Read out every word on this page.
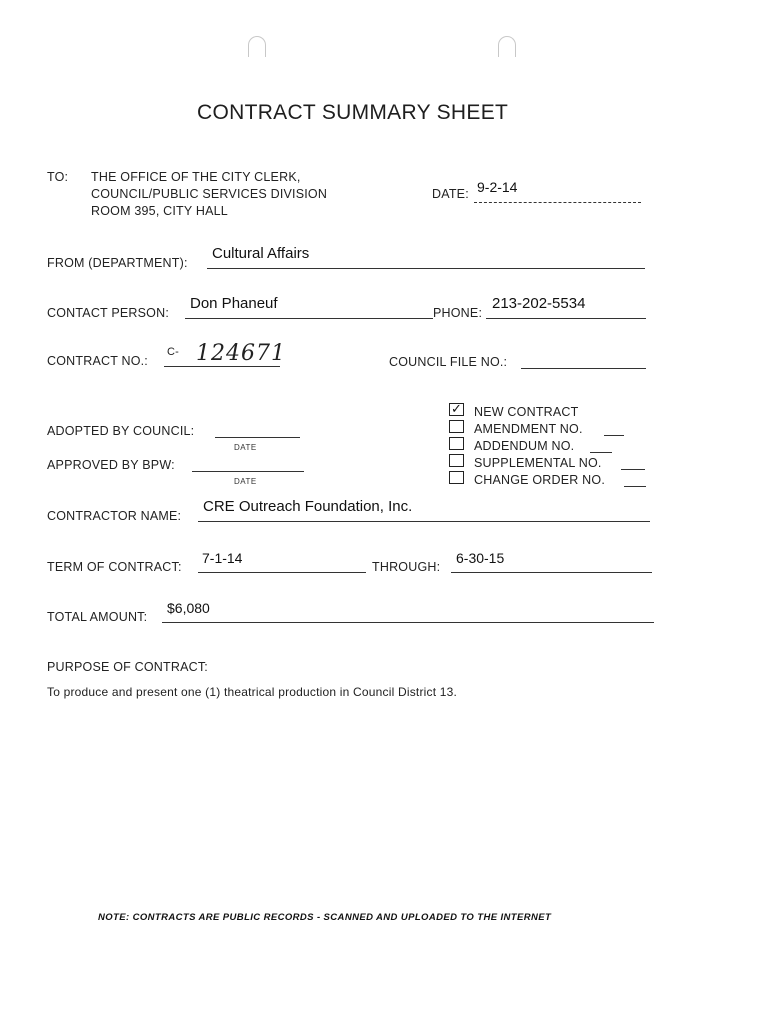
CONTRACT SUMMARY SHEET
TO: THE OFFICE OF THE CITY CLERK,
COUNCIL/PUBLIC SERVICES DIVISION
ROOM 395, CITY HALL
DATE: 9-2-14
FROM (DEPARTMENT):
Cultural Affairs
CONTACT PERSON:
Don Phaneuf
PHONE:
213-202-5534
CONTRACT NO.:
C- 124671	COUNCIL FILE NO.:
ADOPTED BY COUNCIL:
DATE
APPROVED BY BPW:
DATE
✓ NEW CONTRACT
AMENDMENT NO.
ADDENDUM NO.
SUPPLEMENTAL NO.
CHANGE ORDER NO.
CONTRACTOR NAME:
CRE Outreach Foundation, Inc.
TERM OF CONTRACT:
7-1-14
THROUGH:
6-30-15
TOTAL AMOUNT:
$6,080
PURPOSE OF CONTRACT:
To produce and present one (1) theatrical production in Council District 13.
NOTE: CONTRACTS ARE PUBLIC RECORDS - SCANNED AND UPLOADED TO THE INTERNET
